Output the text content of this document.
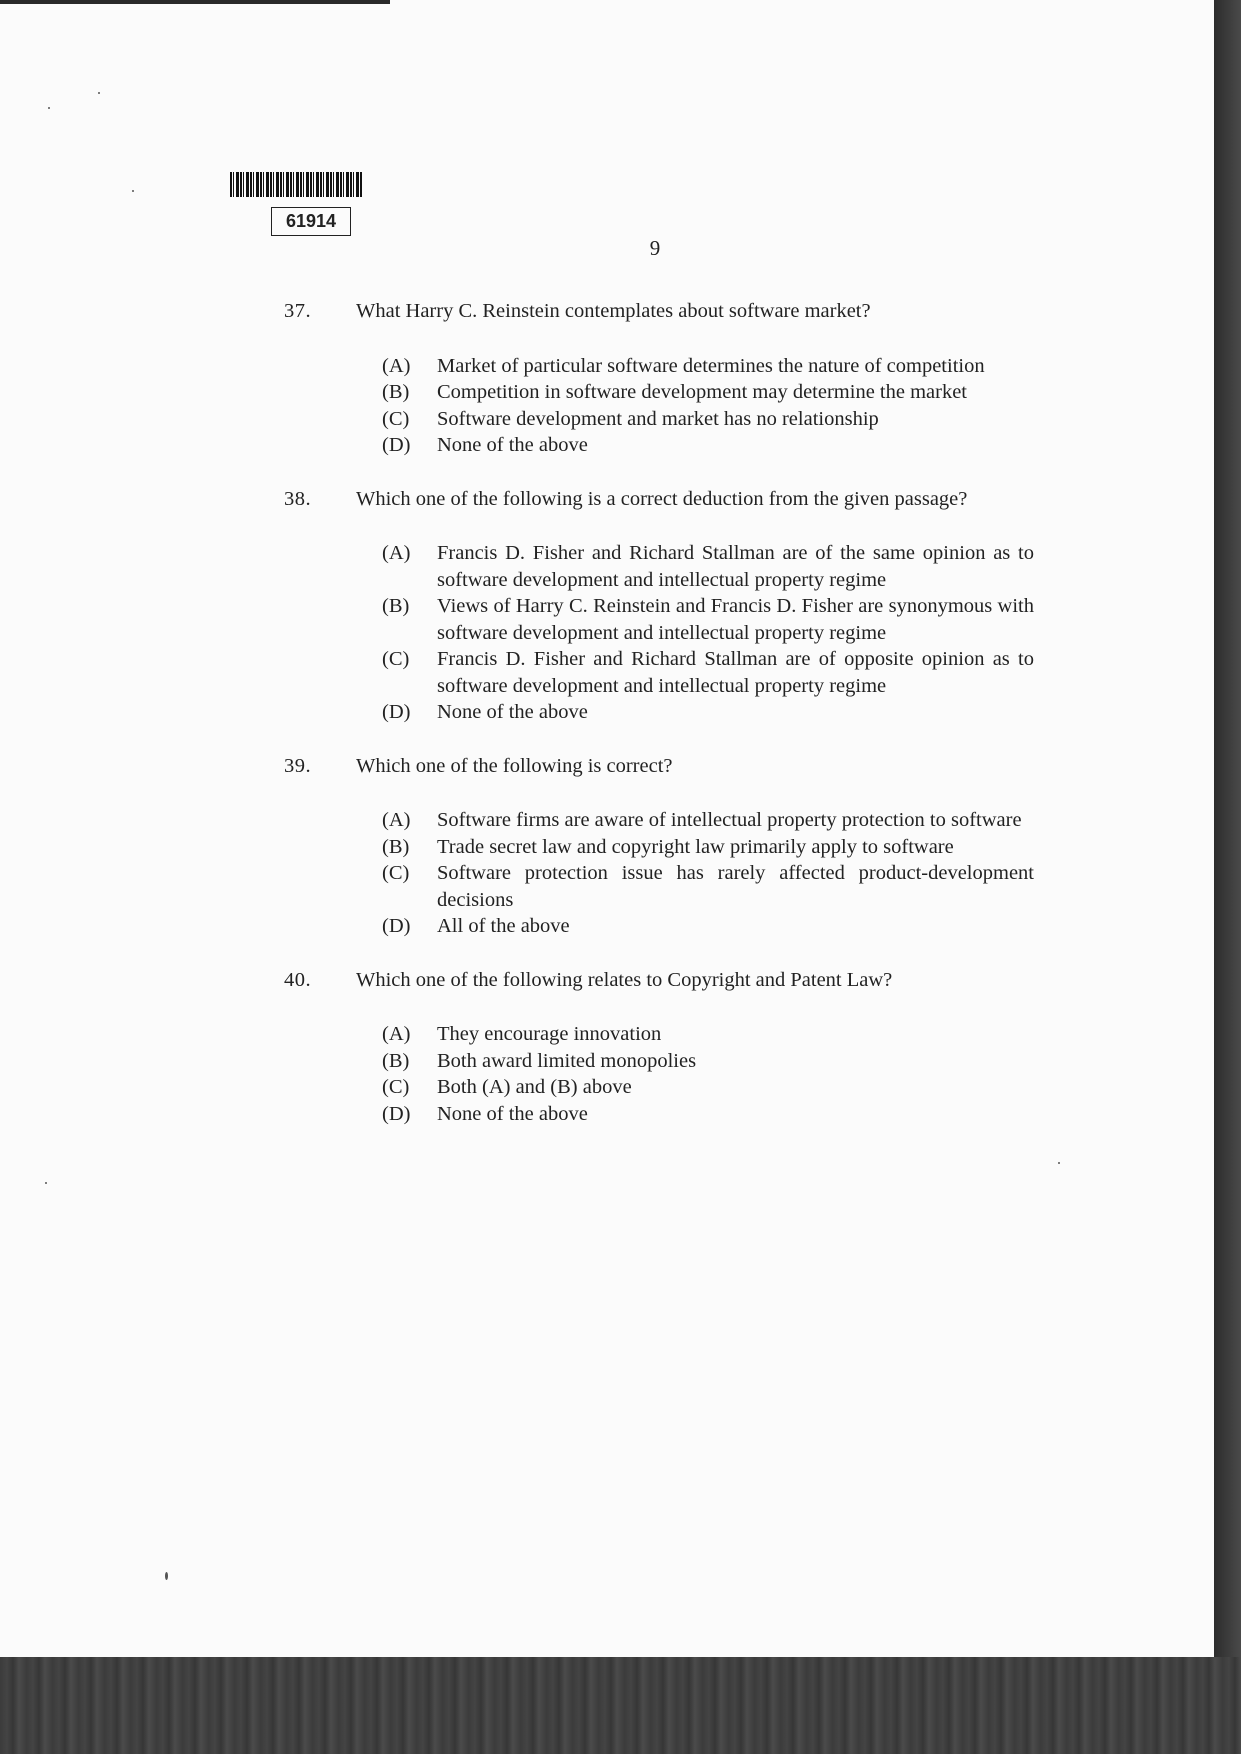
61914
9
37.	What Harry C. Reinstein contemplates about software market?
(A)	Market of particular software determines the nature of competition
(B)	Competition in software development may determine the market
(C)	Software development and market has no relationship
(D)	None of the above
38.	Which one of the following is a correct deduction from the given passage?
(A)	Francis D. Fisher and Richard Stallman are of the same opinion as to software development and intellectual property regime
(B)	Views of Harry C. Reinstein and Francis D. Fisher are synonymous with software development and intellectual property regime
(C)	Francis D. Fisher and Richard Stallman are of opposite opinion as to software development and intellectual property regime
(D)	None of the above
39.	Which one of the following is correct?
(A)	Software firms are aware of intellectual property protection to software
(B)	Trade secret law and copyright law primarily apply to software
(C)	Software protection issue has rarely affected product-development decisions
(D)	All of the above
40.	Which one of the following relates to Copyright and Patent Law?
(A)	They encourage innovation
(B)	Both award limited monopolies
(C)	Both (A) and (B) above
(D)	None of the above
